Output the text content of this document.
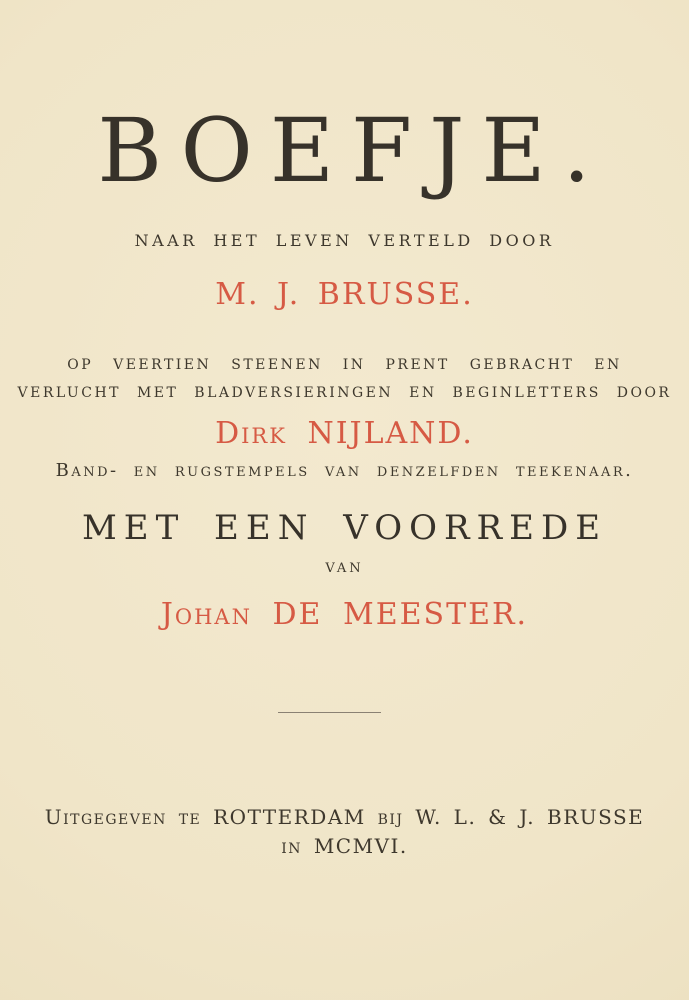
BOEFJE.
NAAR HET LEVEN VERTELD DOOR
M. J. BRUSSE.
OP VEERTIEN STEENEN IN PRENT GEBRACHT EN
VERLUCHT MET BLADVERSIERINGEN EN BEGINLETTERS DOOR
Dirk NIJLAND.
Band- en rugstempels van denzelfden teekenaar.
MET EEN VOORREDE
VAN
Johan DE MEESTER.
Uitgegeven te ROTTERDAM bij W. L. & J. BRUSSE
in MCMVI.
